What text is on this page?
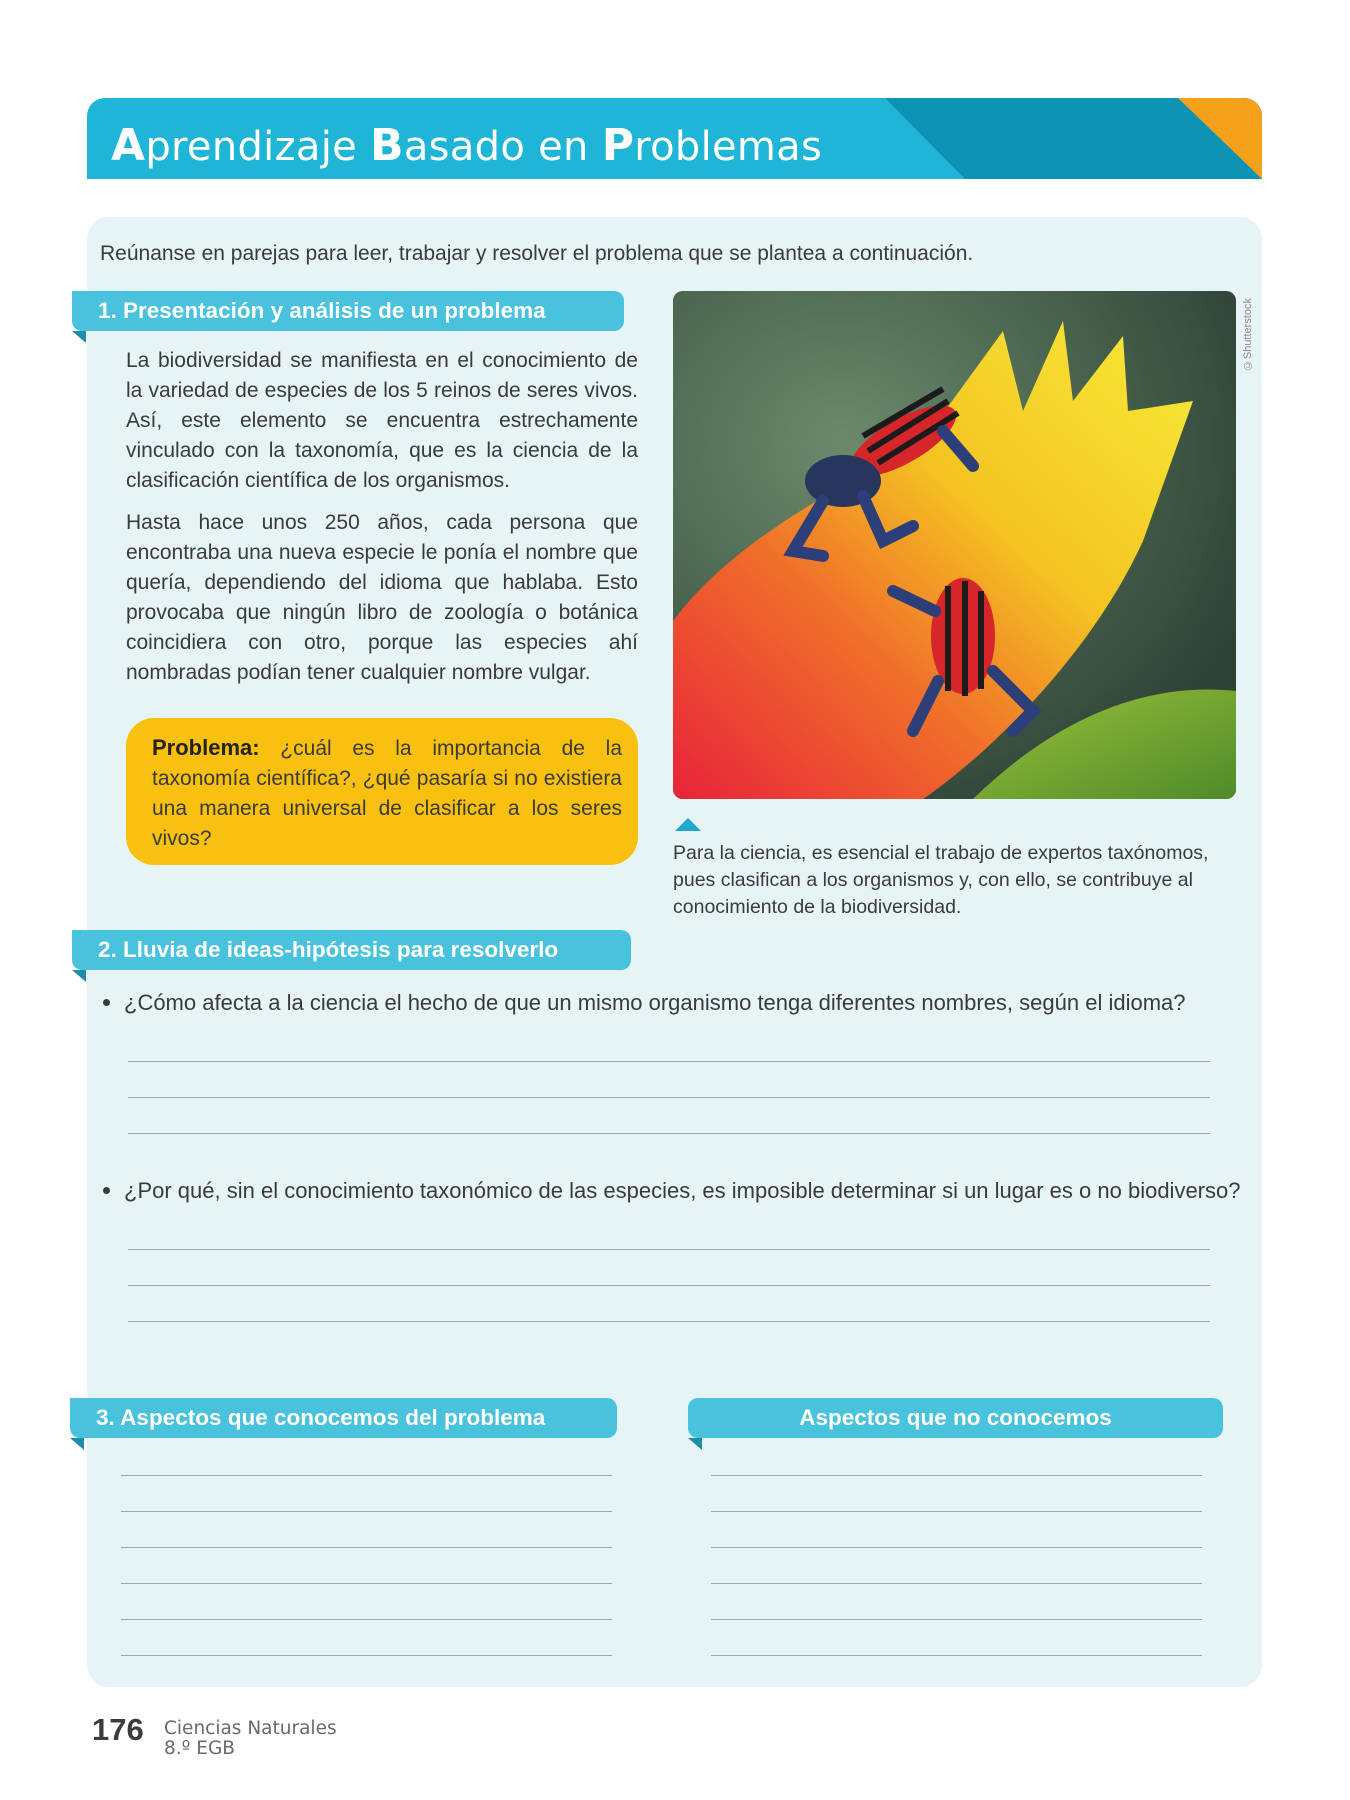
Aprendizaje Basado en Problemas
DUA
Participación
Reúnanse en parejas para leer, trabajar y resolver el problema que se plantea a continuación.
1. Presentación y análisis de un problema

La biodiversidad se manifiesta en el conocimiento de la variedad de especies de los 5 reinos de seres vivos. Así, este elemento se encuentra estrechamente vinculado con la taxonomía, que es la ciencia de la clasificación científica de los organismos.

Hasta hace unos 250 años, cada persona que encontraba una nueva especie le ponía el nombre que quería, dependiendo del idioma que hablaba. Esto provocaba que ningún libro de zoología o botánica coincidiera con otro, porque las especies ahí nombradas podían tener cualquier nombre vulgar.

Problema: ¿cuál es la importancia de la taxonomía científica?, ¿qué pasaría si no existiera una manera universal de clasificar a los seres vivos?
©Shutterstock

Para la ciencia, es esencial el trabajo de expertos taxónomos, pues clasifican a los organismos y, con ello, se contribuye al conocimiento de la biodiversidad.

2. Lluvia de ideas-hipótesis para resolverlo
¿Cómo afecta a la ciencia el hecho de que un mismo organismo tenga diferentes nombres, según el idioma?
¿Por qué, sin el conocimiento taxonómico de las especies, es imposible determinar si un lugar es o no biodiverso?
3. Aspectos que conocemos del problema	Aspectos que no conocemos
176 Ciencias Naturales
8.º EGB
